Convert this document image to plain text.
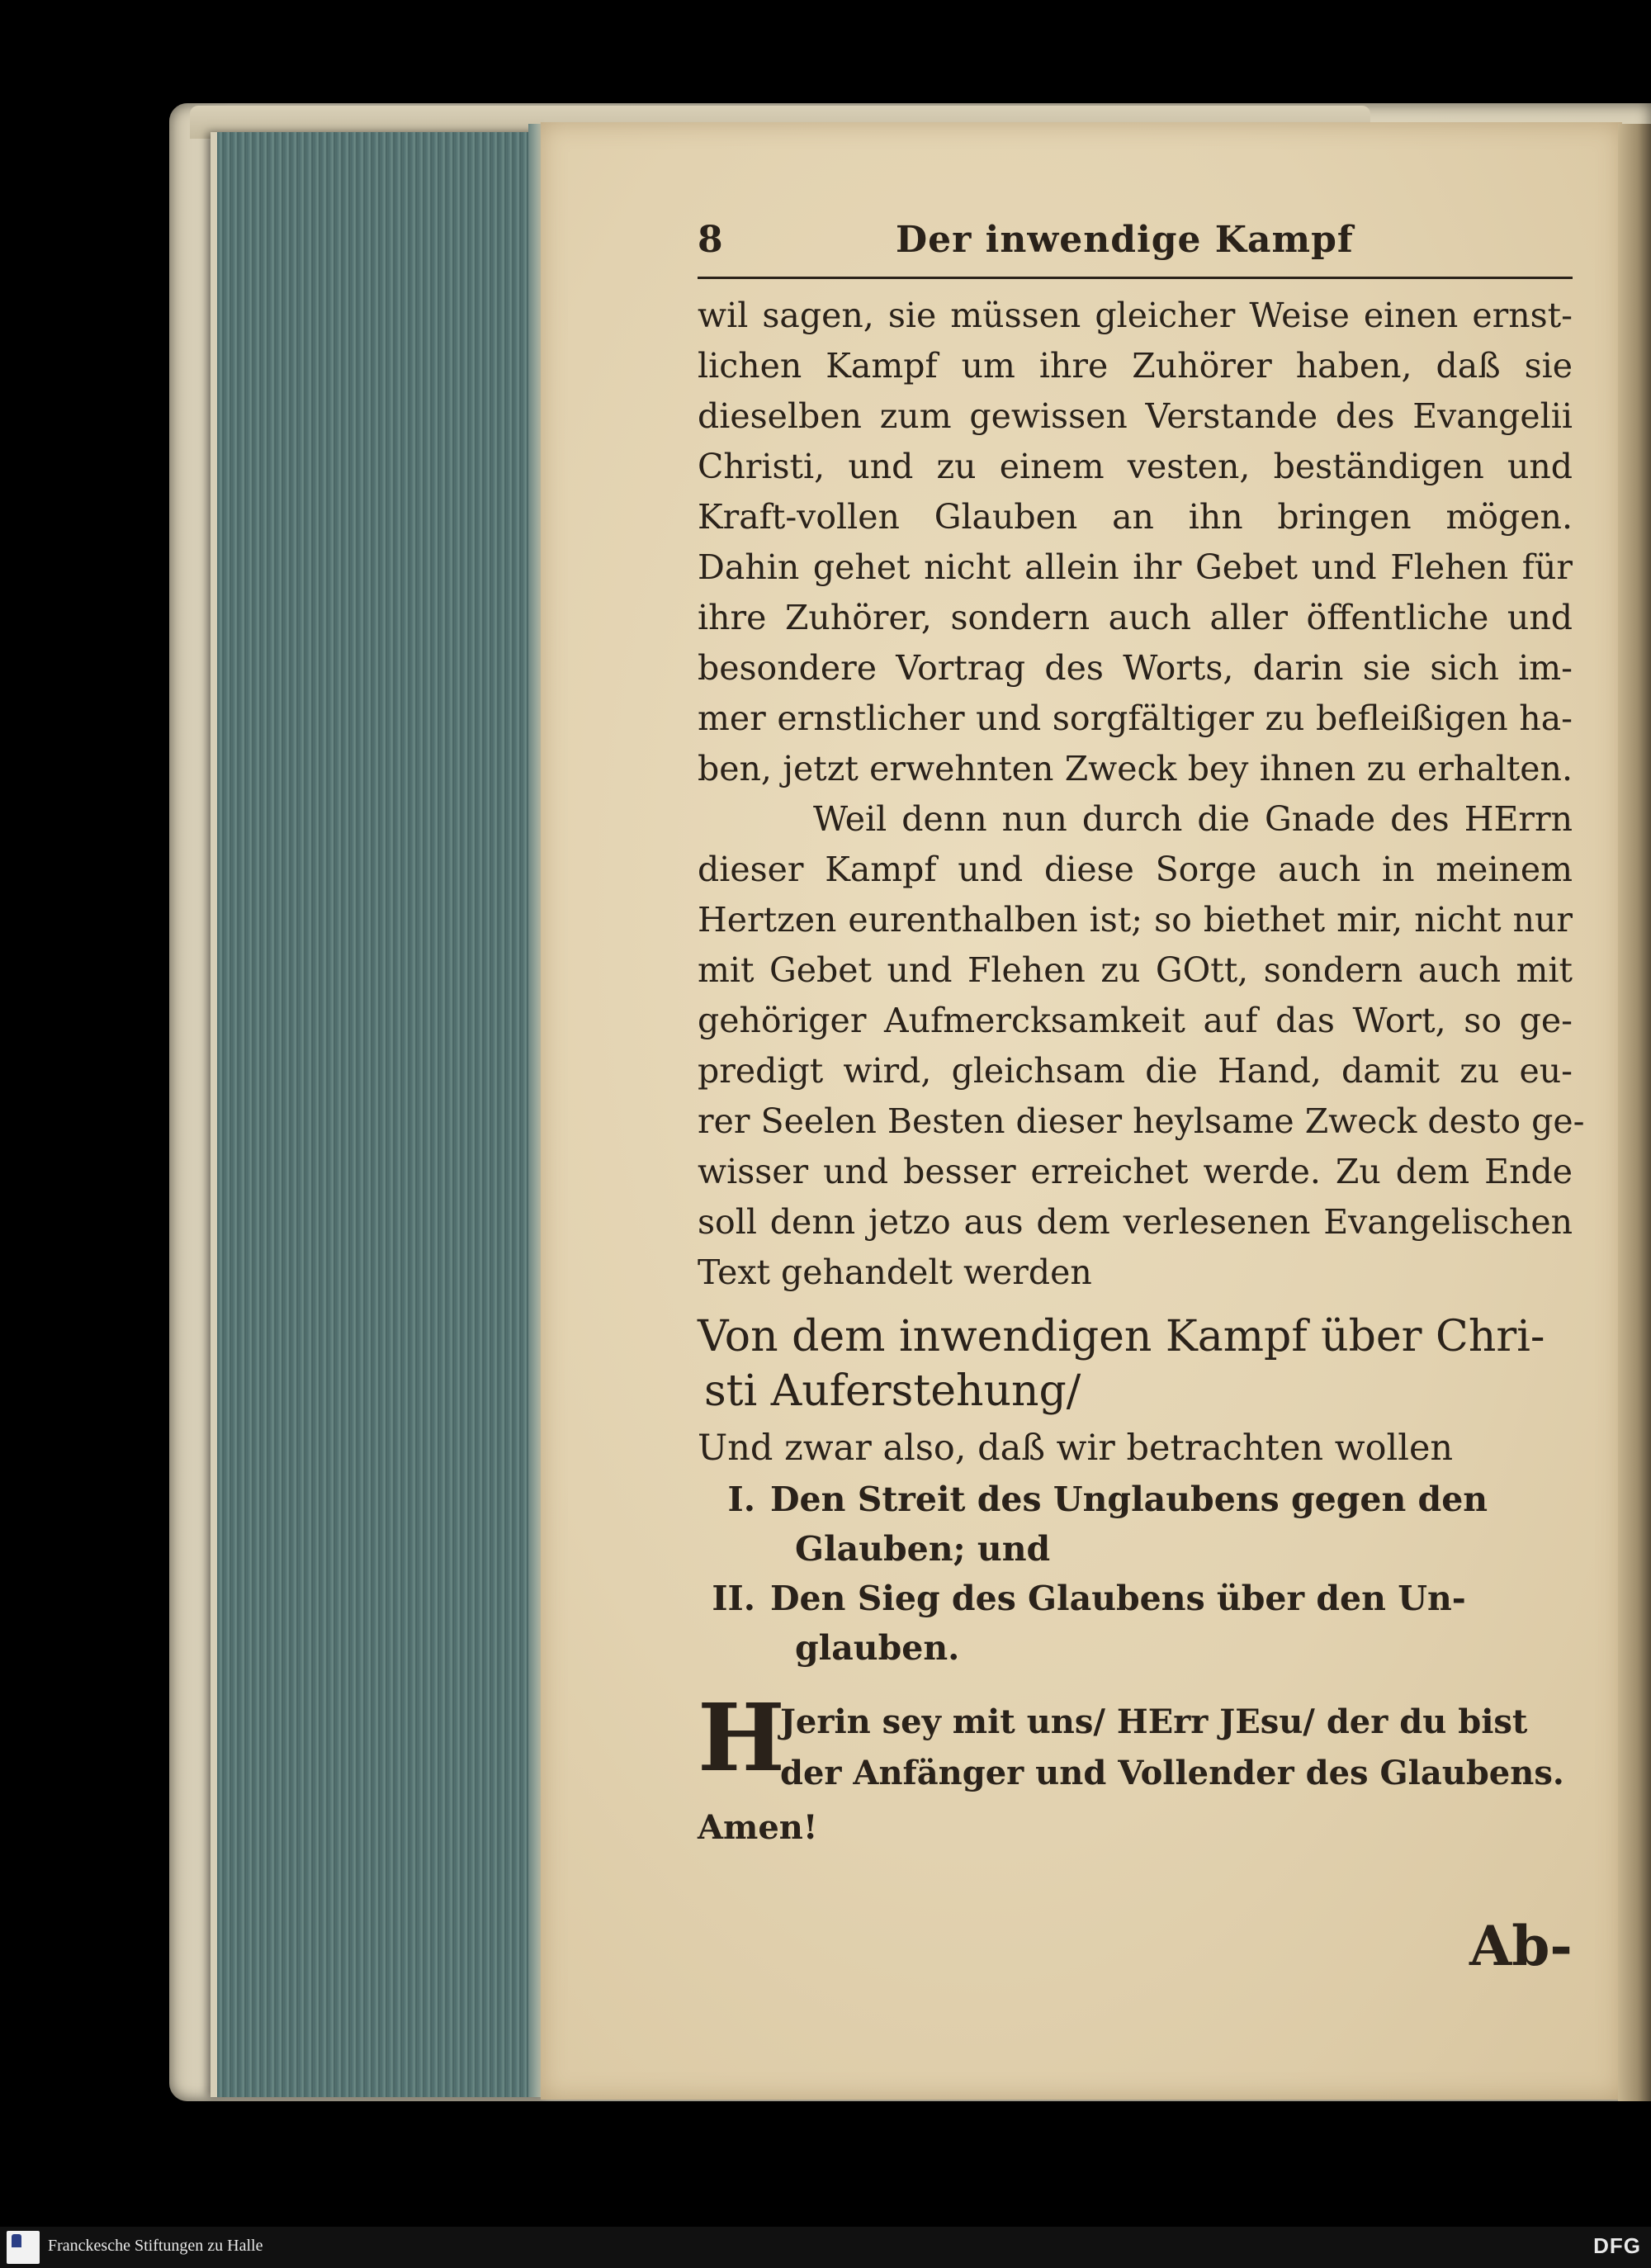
8	Der inwendige Kampf
wil sagen, sie müssen gleicher Weise einen ernst-
lichen Kampf um ihre Zuhörer haben, daß sie
dieselben zum gewissen Verstande des Evangelii
Christi, und zu einem vesten, beständigen und
Kraft-vollen Glauben an ihn bringen mögen.
Dahin gehet nicht allein ihr Gebet und Flehen für
ihre Zuhörer, sondern auch aller öffentliche und
besondere Vortrag des Worts, darin sie sich im-
mer ernstlicher und sorgfältiger zu befleißigen ha-
ben, jetzt erwehnten Zweck bey ihnen zu erhalten.
Weil denn nun durch die Gnade des HErrn
dieser Kampf und diese Sorge auch in meinem
Hertzen eurenthalben ist; so biethet mir, nicht nur
mit Gebet und Flehen zu GOtt, sondern auch mit
gehöriger Aufmercksamkeit auf das Wort, so ge-
predigt wird, gleichsam die Hand, damit zu eu-
rer Seelen Besten dieser heylsame Zweck desto ge-
wisser und besser erreichet werde. Zu dem Ende
soll denn jetzo aus dem verlesenen Evangelischen
Text gehandelt werden
Von dem inwendigen Kampf über Chri-
sti Auferstehung/
Und zwar also, daß wir betrachten wollen
I. Den Streit des Unglaubens gegen den
Glauben; und
II. Den Sieg des Glaubens über den Un-
glauben.
H
Jerin sey mit uns/ HErr JEsu/ der du bist
der Anfänger und Vollender des Glaubens.
Amen!
Ab-
Franckesche Stiftungen zu Halle	DFG
